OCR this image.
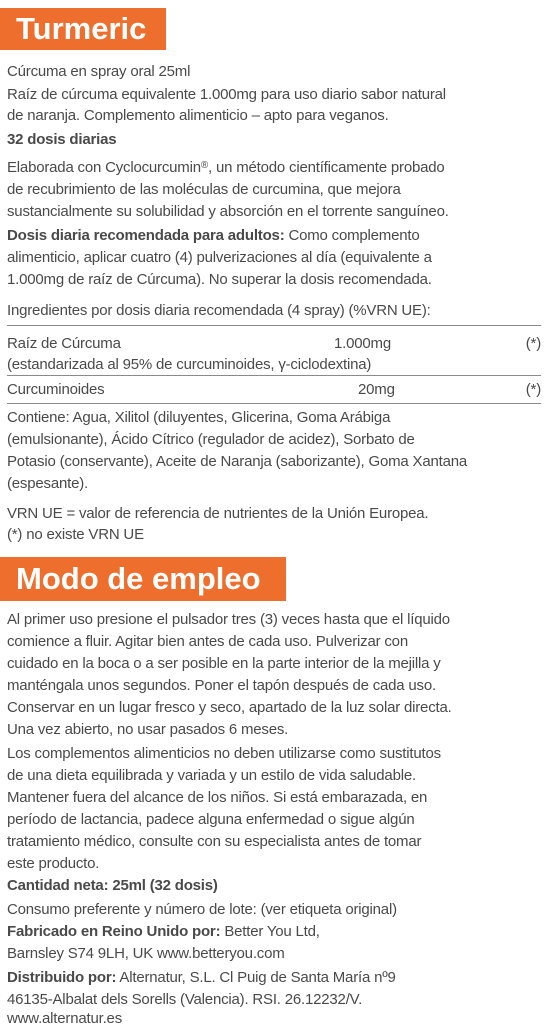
Turmeric
Cúrcuma en spray oral 25ml
Raíz de cúrcuma equivalente 1.000mg para uso diario sabor natural
de naranja. Complemento alimenticio – apto para veganos.
32 dosis diarias
Elaborada con Cyclocurcumin®, un método científicamente probado
de recubrimiento de las moléculas de curcumina, que mejora
sustancialmente su solubilidad y absorción en el torrente sanguíneo.
Dosis diaria recomendada para adultos: Como complemento
alimenticio, aplicar cuatro (4) pulverizaciones al día (equivalente a
1.000mg de raíz de Cúrcuma). No superar la dosis recomendada.
Ingredientes por dosis diaria recomendada (4 spray) (%VRN UE):
Raíz de Cúrcuma	1.000mg	(*)
(estandarizada al 95% de curcuminoides, γ-ciclodextina)
Curcuminoides	20mg	(*)
Contiene: Agua, Xilitol (diluyentes, Glicerina, Goma Arábiga
(emulsionante), Ácido Cítrico (regulador de acidez), Sorbato de
Potasio (conservante), Aceite de Naranja (saborizante), Goma Xantana
(espesante).
VRN UE = valor de referencia de nutrientes de la Unión Europea.
(*) no existe VRN UE
Modo de empleo
Al primer uso presione el pulsador tres (3) veces hasta que el líquido
comience a fluir. Agitar bien antes de cada uso. Pulverizar con
cuidado en la boca o a ser posible en la parte interior de la mejilla y
manténgala unos segundos. Poner el tapón después de cada uso.
Conservar en un lugar fresco y seco, apartado de la luz solar directa.
Una vez abierto, no usar pasados 6 meses.
Los complementos alimenticios no deben utilizarse como sustitutos
de una dieta equilibrada y variada y un estilo de vida saludable.
Mantener fuera del alcance de los niños. Si está embarazada, en
período de lactancia, padece alguna enfermedad o sigue algún
tratamiento médico, consulte con su especialista antes de tomar
este producto.
Cantidad neta: 25ml (32 dosis)
Consumo preferente y número de lote: (ver etiqueta original)
Fabricado en Reino Unido por: Better You Ltd,
Barnsley S74 9LH, UK www.betteryou.com
Distribuido por: Alternatur, S.L. Cl Puig de Santa María nº9
46135-Albalat dels Sorells (Valencia). RSI. 26.12232/V.
www.alternatur.es
